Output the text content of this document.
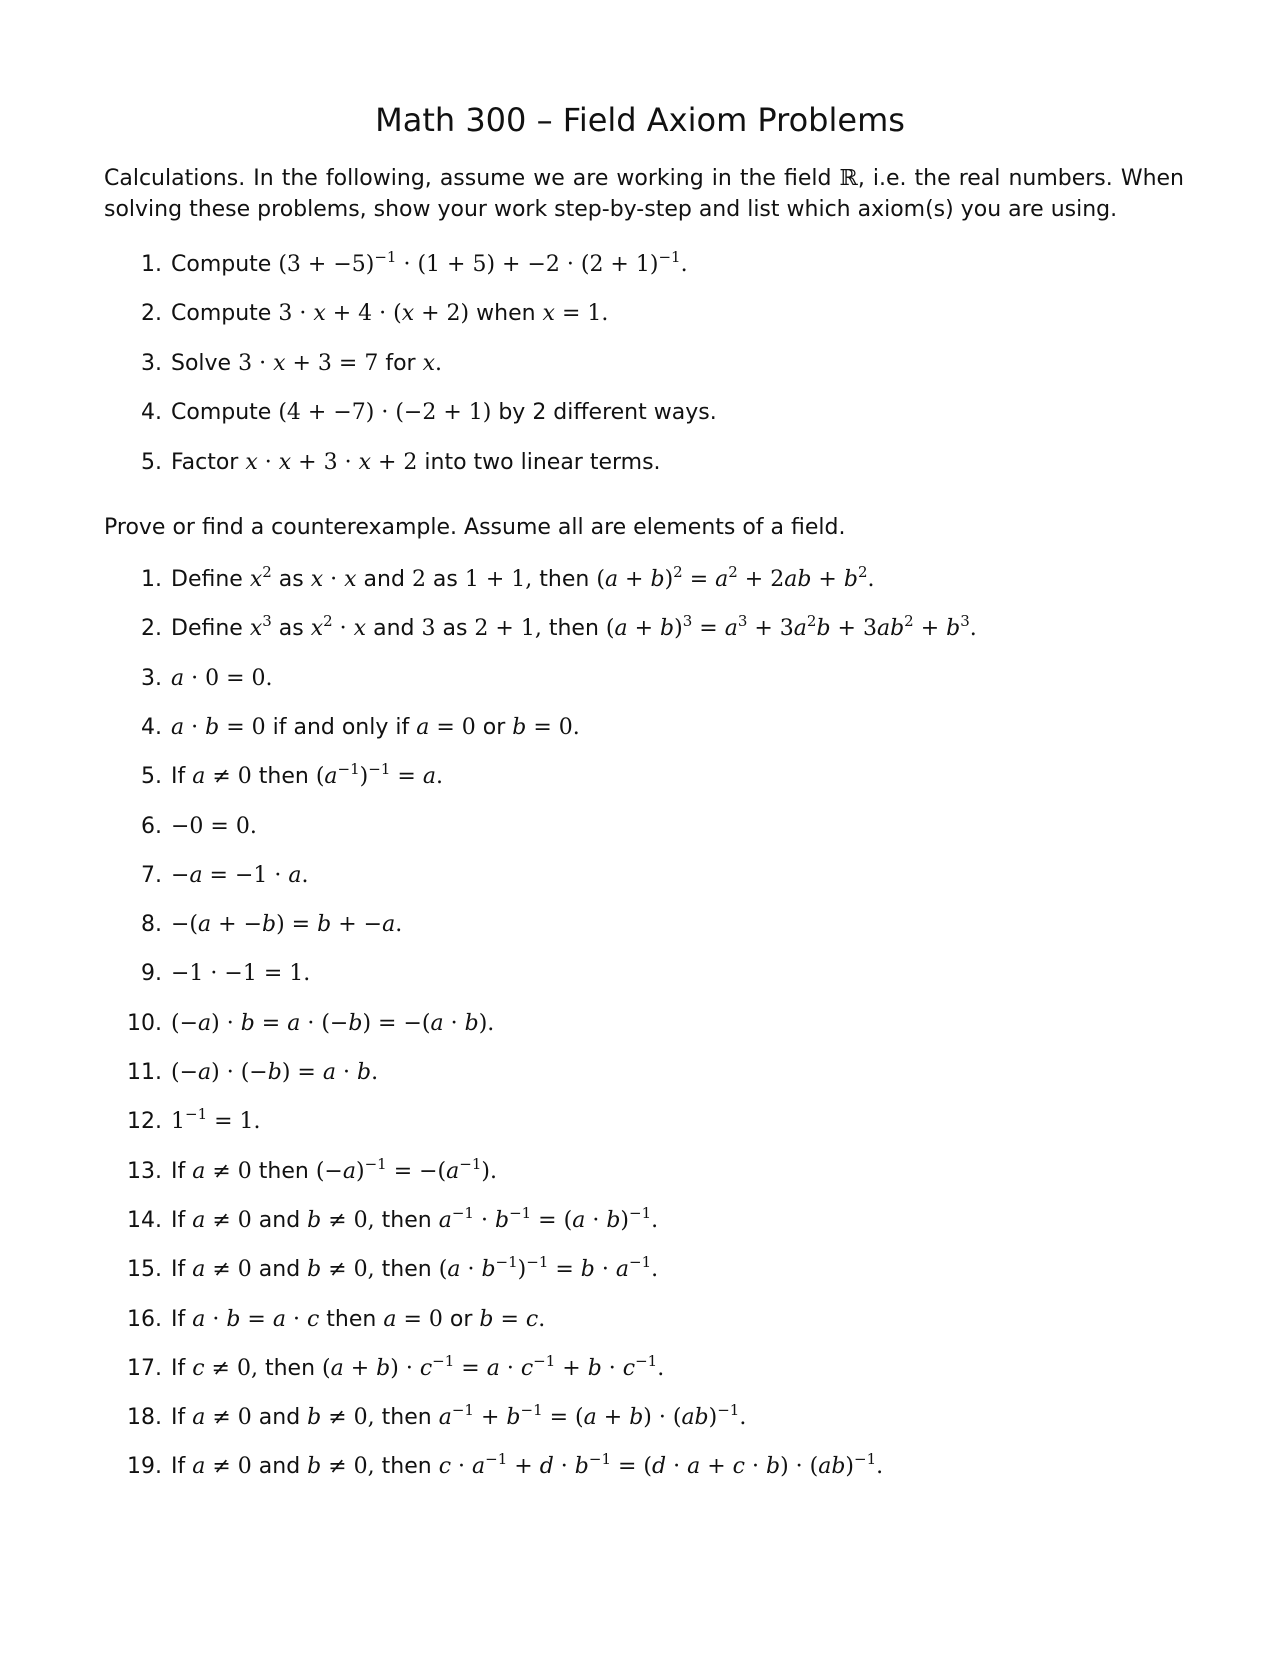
Math 300 – Field Axiom Problems
Calculations. In the following, assume we are working in the field ℝ, i.e. the real numbers. When solving these problems, show your work step-by-step and list which axiom(s) you are using.
1. Compute $(3 + -5)^{-1} \cdot (1 + 5) + -2 \cdot (2 + 1)^{-1}$.
2. Compute 3 · x + 4 · (x + 2) when x = 1.
3. Solve 3 · x + 3 = 7 for x.
4. Compute (4 + −7) · (−2 + 1) by 2 different ways.
5. Factor x · x + 3 · x + 2 into two linear terms.
Prove or find a counterexample. Assume all are elements of a field.
1. Define $x^2$ as x · x and 2 as 1 + 1, then $(a + b)^2 = a^2 + 2ab + b^2$.
2. Define $x^3$ as $x^2 \cdot x$ and 3 as 2 + 1, then $(a + b)^3 = a^3 + 3a^2b + 3ab^2 + b^3$.
3. a · 0 = 0.
4. a · b = 0 if and only if a = 0 or b = 0.
5. If a ≠ 0 then $(a^{-1})^{-1} = a$.
6. −0 = 0.
7. −a = −1 · a.
8. −(a + −b) = b + −a.
9. −1 · −1 = 1.
10. (−a) · b = a · (−b) = −(a · b).
11. (−a) · (−b) = a · b.
12. $1^{-1} = 1$.
13. If a ≠ 0 then $(-a)^{-1} = -(a^{-1})$.
14. If a ≠ 0 and b ≠ 0, then $a^{-1} \cdot b^{-1} = (a \cdot b)^{-1}$.
15. If a ≠ 0 and b ≠ 0, then $(a \cdot b^{-1})^{-1} = b \cdot a^{-1}$.
16. If a · b = a · c then a = 0 or b = c.
17. If c ≠ 0, then $(a + b) \cdot c^{-1} = a \cdot c^{-1} + b \cdot c^{-1}$.
18. If a ≠ 0 and b ≠ 0, then $a^{-1} + b^{-1} = (a + b) \cdot (ab)^{-1}$.
19. If a ≠ 0 and b ≠ 0, then $c \cdot a^{-1} + d \cdot b^{-1} = (d \cdot a + c \cdot b) \cdot (ab)^{-1}$.
